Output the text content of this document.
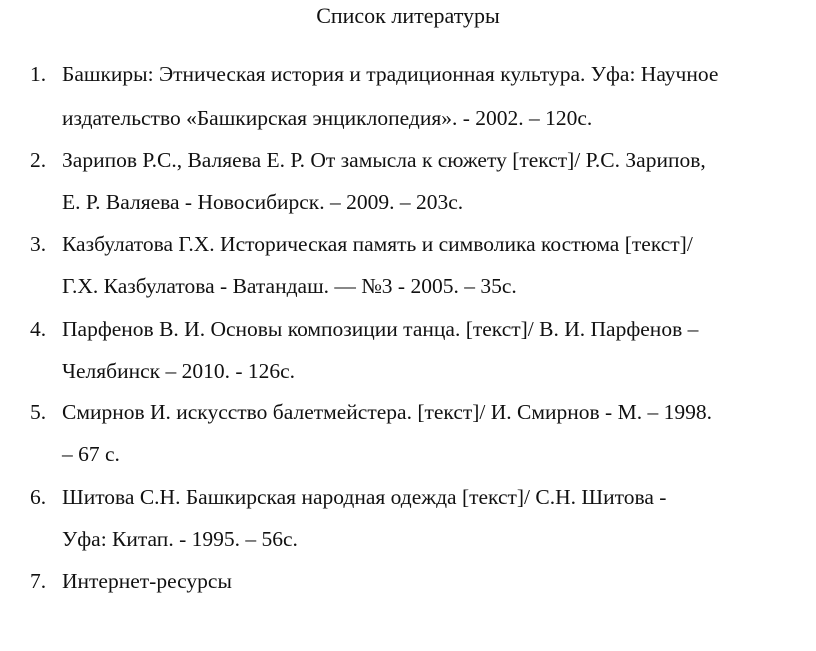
Список литературы
1. Башкиры: Этническая история и традиционная культура. Уфа: Научное
издательство «Башкирская энциклопедия». - 2002. – 120с.
2. Зарипов Р.С., Валяева Е. Р. От замысла к сюжету [текст]/ Р.С. Зарипов,
Е. Р. Валяева - Новосибирск. – 2009. – 203с.
3. Казбулатова Г.Х. Историческая память и символика костюма [текст]/
Г.Х. Казбулатова - Ватандаш. — №3 - 2005. – 35с.
4. Парфенов В. И. Основы композиции танца. [текст]/ В. И. Парфенов –
Челябинск – 2010. - 126с.
5. Смирнов И. искусство балетмейстера. [текст]/ И. Смирнов - М. – 1998.
– 67 с.
6. Шитова С.Н. Башкирская народная одежда [текст]/ С.Н. Шитова -
Уфа: Китап. - 1995. – 56с.
7. Интернет-ресурсы
